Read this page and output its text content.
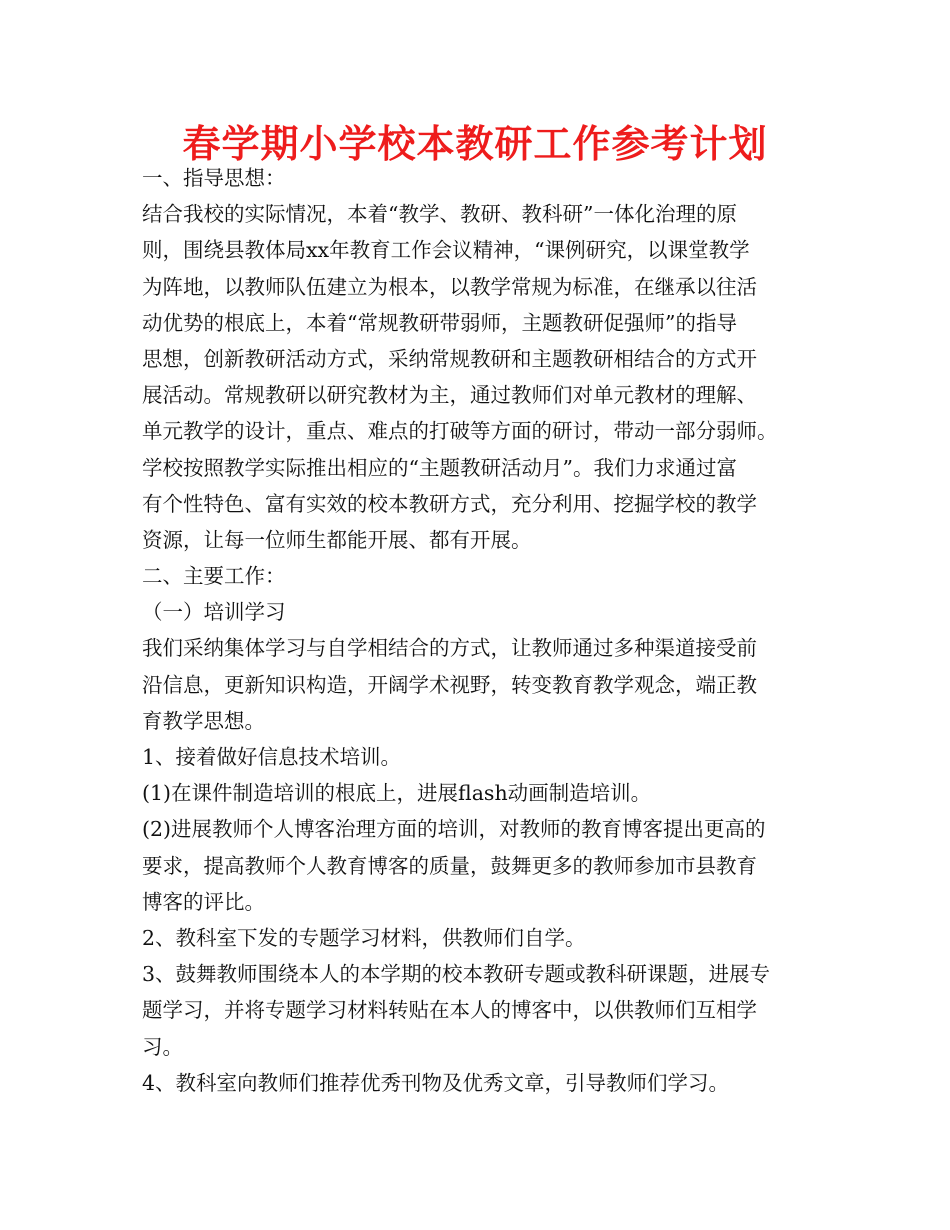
春学期小学校本教研工作参考计划
一、指导思想：
结合我校的实际情况，本着“教学、教研、教科研”一体化治理的原
则，围绕县教体局xx年教育工作会议精神，“课例研究，以课堂教学
为阵地，以教师队伍建立为根本，以教学常规为标准，在继承以往活
动优势的根底上，本着“常规教研带弱师，主题教研促强师”的指导
思想，创新教研活动方式，采纳常规教研和主题教研相结合的方式开
展活动。常规教研以研究教材为主，通过教师们对单元教材的理解、
单元教学的设计，重点、难点的打破等方面的研讨，带动一部分弱师。
学校按照教学实际推出相应的“主题教研活动月”。我们力求通过富
有个性特色、富有实效的校本教研方式，充分利用、挖掘学校的教学
资源，让每一位师生都能开展、都有开展。
二、主要工作：
（一）培训学习
我们采纳集体学习与自学相结合的方式，让教师通过多种渠道接受前
沿信息，更新知识构造，开阔学术视野，转变教育教学观念，端正教
育教学思想。
1、接着做好信息技术培训。
(1)在课件制造培训的根底上，进展flash动画制造培训。
(2)进展教师个人博客治理方面的培训，对教师的教育博客提出更高的
要求，提高教师个人教育博客的质量，鼓舞更多的教师参加市县教育
博客的评比。
2、教科室下发的专题学习材料，供教师们自学。
3、鼓舞教师围绕本人的本学期的校本教研专题或教科研课题，进展专
题学习，并将专题学习材料转贴在本人的博客中，以供教师们互相学
习。
4、教科室向教师们推荐优秀刊物及优秀文章，引导教师们学习。
